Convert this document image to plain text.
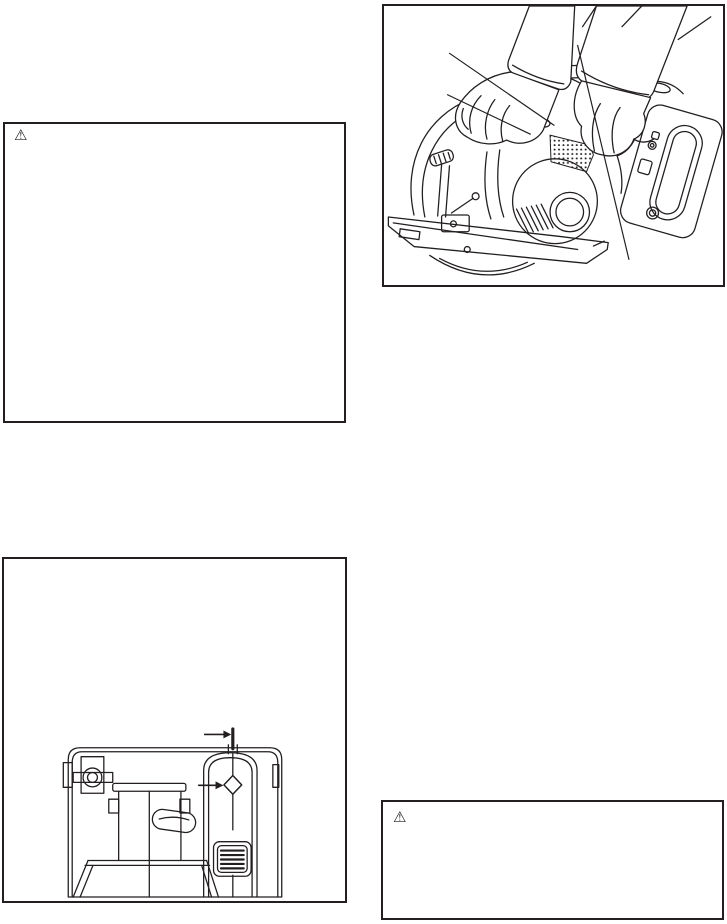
⚠
⚠
